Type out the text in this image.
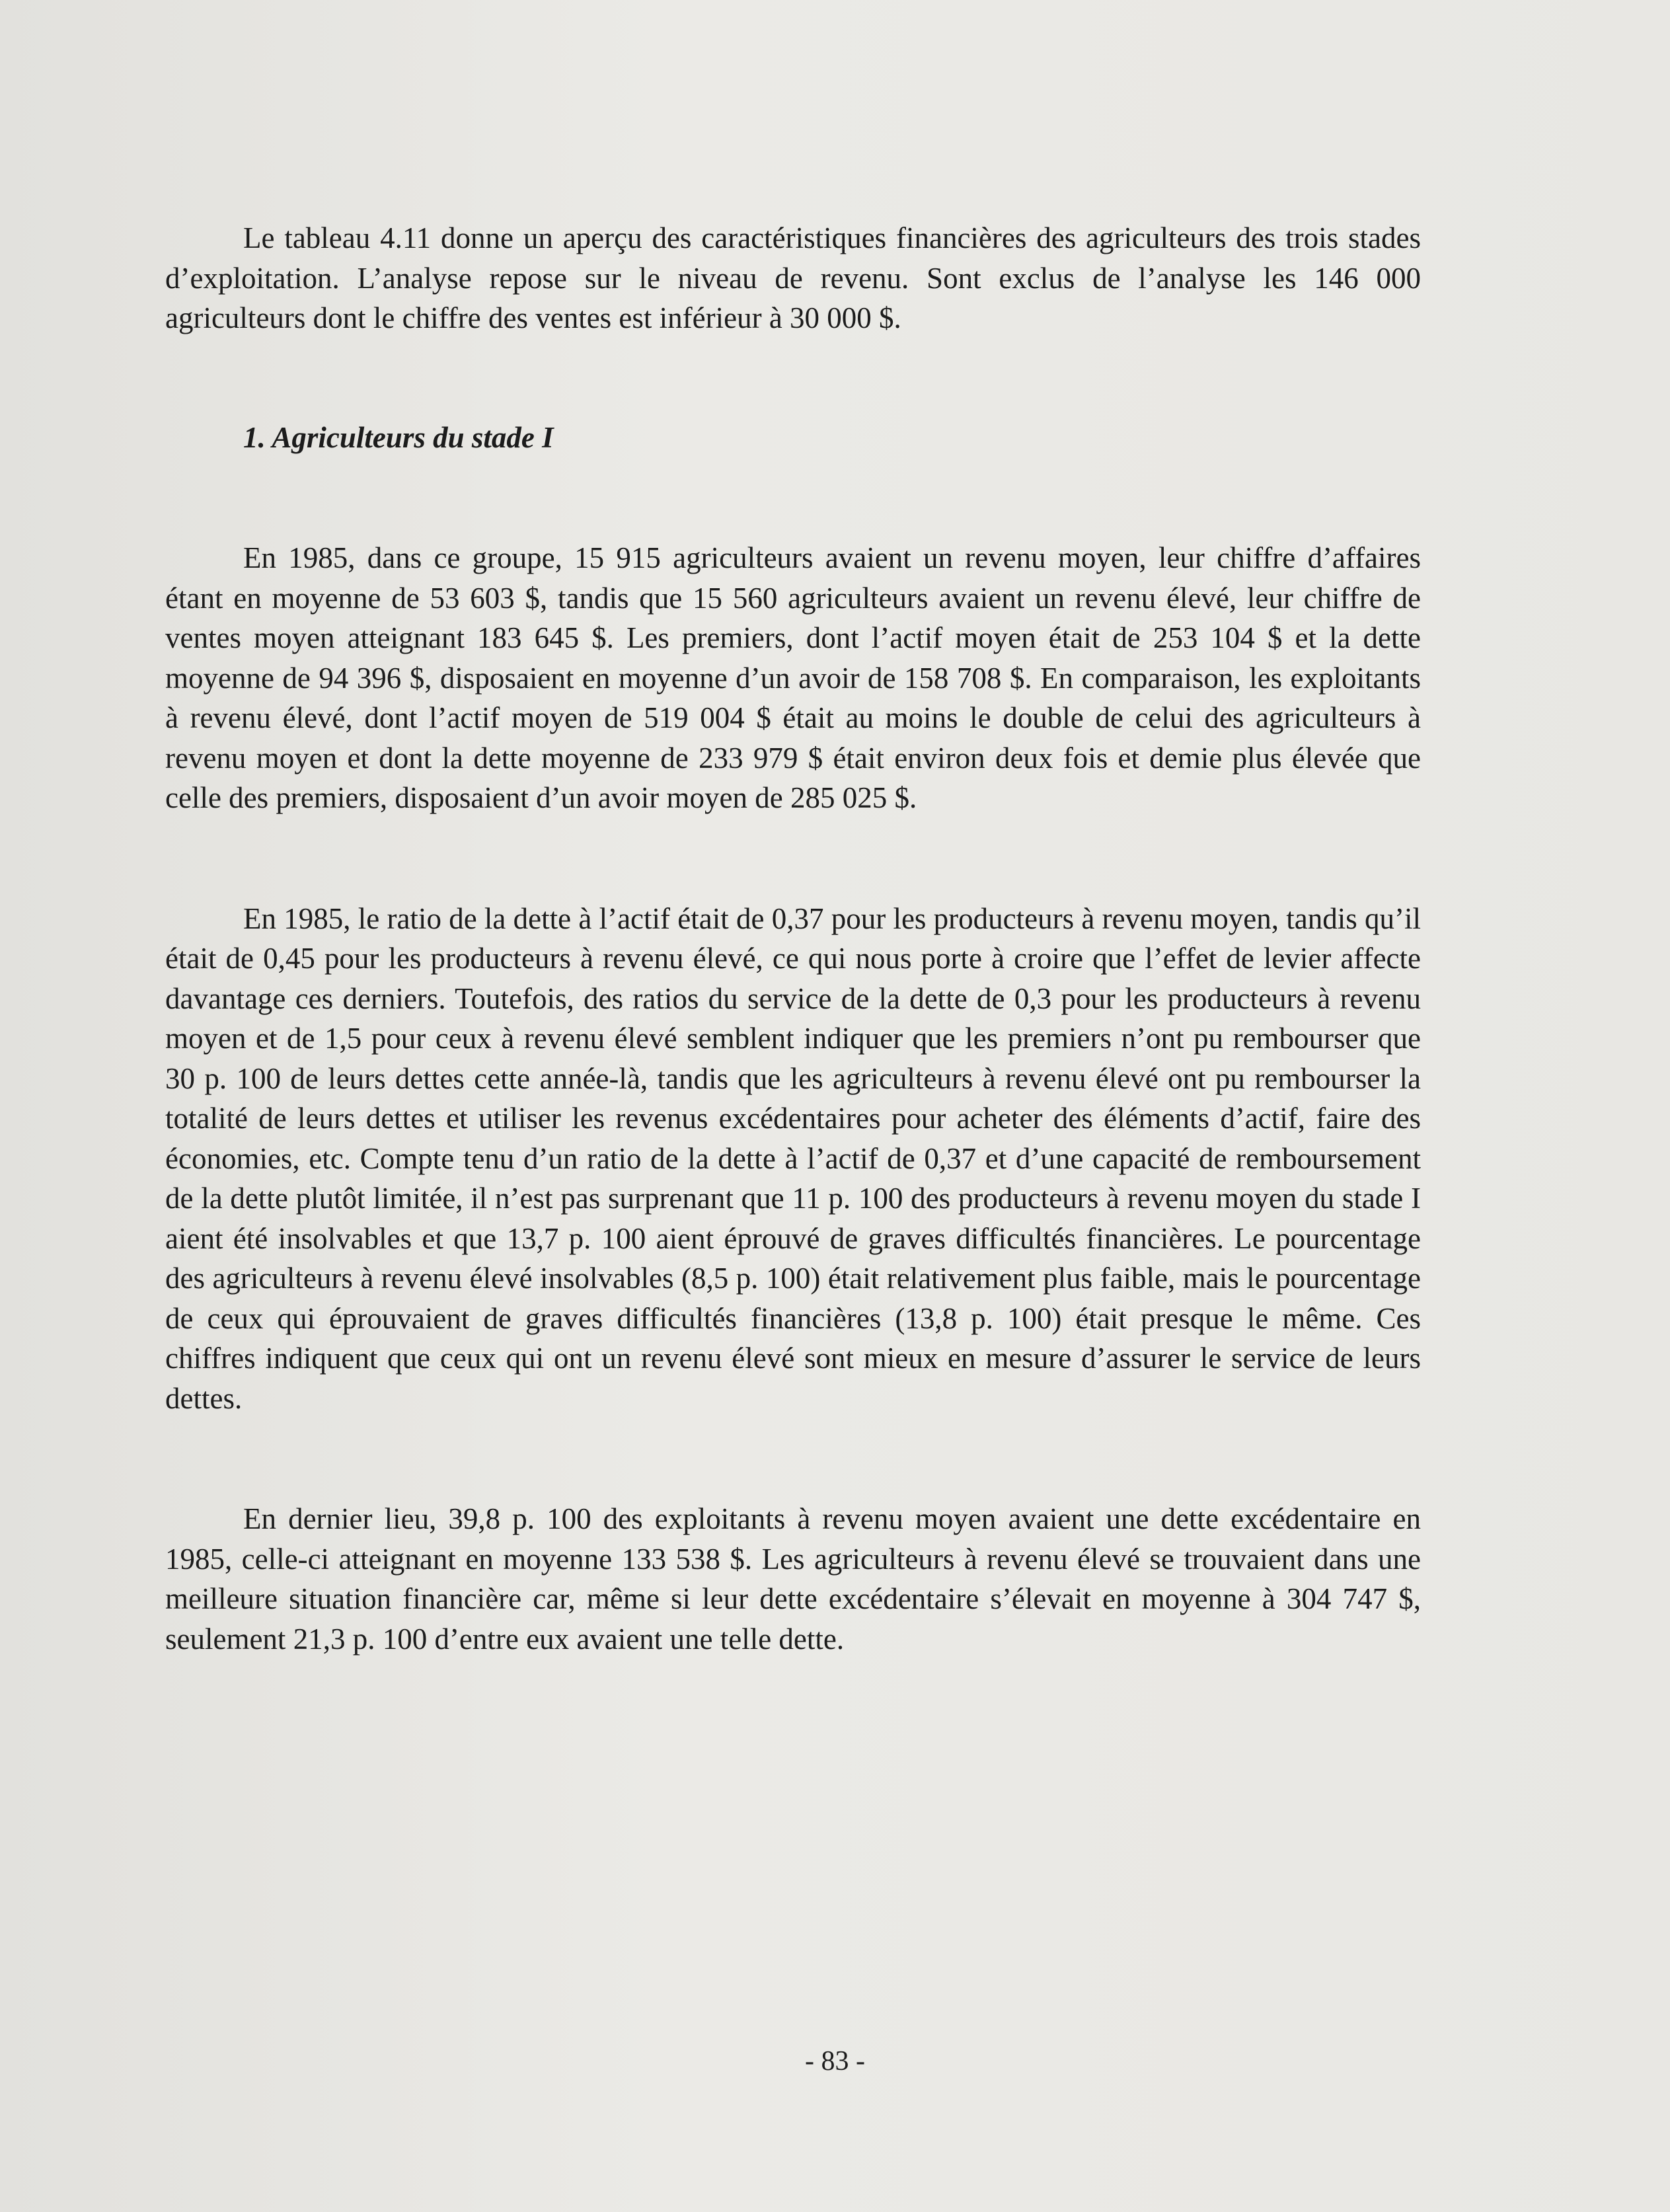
Le tableau 4.11 donne un aperçu des caractéristiques financières des agriculteurs des trois stades d’exploitation. L’analyse repose sur le niveau de revenu. Sont exclus de l’analyse les 146 000 agriculteurs dont le chiffre des ventes est inférieur à 30 000 $.

1. Agriculteurs du stade I

En 1985, dans ce groupe, 15 915 agriculteurs avaient un revenu moyen, leur chiffre d’affaires étant en moyenne de 53 603 $, tandis que 15 560 agriculteurs avaient un revenu élevé, leur chiffre de ventes moyen atteignant 183 645 $. Les premiers, dont l’actif moyen était de 253 104 $ et la dette moyenne de 94 396 $, disposaient en moyenne d’un avoir de 158 708 $. En comparaison, les exploitants à revenu élevé, dont l’actif moyen de 519 004 $ était au moins le double de celui des agriculteurs à revenu moyen et dont la dette moyenne de 233 979 $ était environ deux fois et demie plus élevée que celle des premiers, disposaient d’un avoir moyen de 285 025 $.

En 1985, le ratio de la dette à l’actif était de 0,37 pour les producteurs à revenu moyen, tandis qu’il était de 0,45 pour les producteurs à revenu élevé, ce qui nous porte à croire que l’effet de levier affecte davantage ces derniers. Toutefois, des ratios du service de la dette de 0,3 pour les producteurs à revenu moyen et de 1,5 pour ceux à revenu élevé semblent indiquer que les premiers n’ont pu rembourser que 30 p. 100 de leurs dettes cette année-là, tandis que les agriculteurs à revenu élevé ont pu rembourser la totalité de leurs dettes et utiliser les revenus excédentaires pour acheter des éléments d’actif, faire des économies, etc. Compte tenu d’un ratio de la dette à l’actif de 0,37 et d’une capacité de remboursement de la dette plutôt limitée, il n’est pas surprenant que 11 p. 100 des producteurs à revenu moyen du stade I aient été insolvables et que 13,7 p. 100 aient éprouvé de graves difficultés financières. Le pourcentage des agriculteurs à revenu élevé insolvables (8,5 p. 100) était relativement plus faible, mais le pourcentage de ceux qui éprouvaient de graves difficultés financières (13,8 p. 100) était presque le même. Ces chiffres indiquent que ceux qui ont un revenu élevé sont mieux en mesure d’assurer le service de leurs dettes.

En dernier lieu, 39,8 p. 100 des exploitants à revenu moyen avaient une dette excédentaire en 1985, celle-ci atteignant en moyenne 133 538 $. Les agriculteurs à revenu élevé se trouvaient dans une meilleure situation financière car, même si leur dette excédentaire s’élevait en moyenne à 304 747 $, seulement 21,3 p. 100 d’entre eux avaient une telle dette.

- 83 -
